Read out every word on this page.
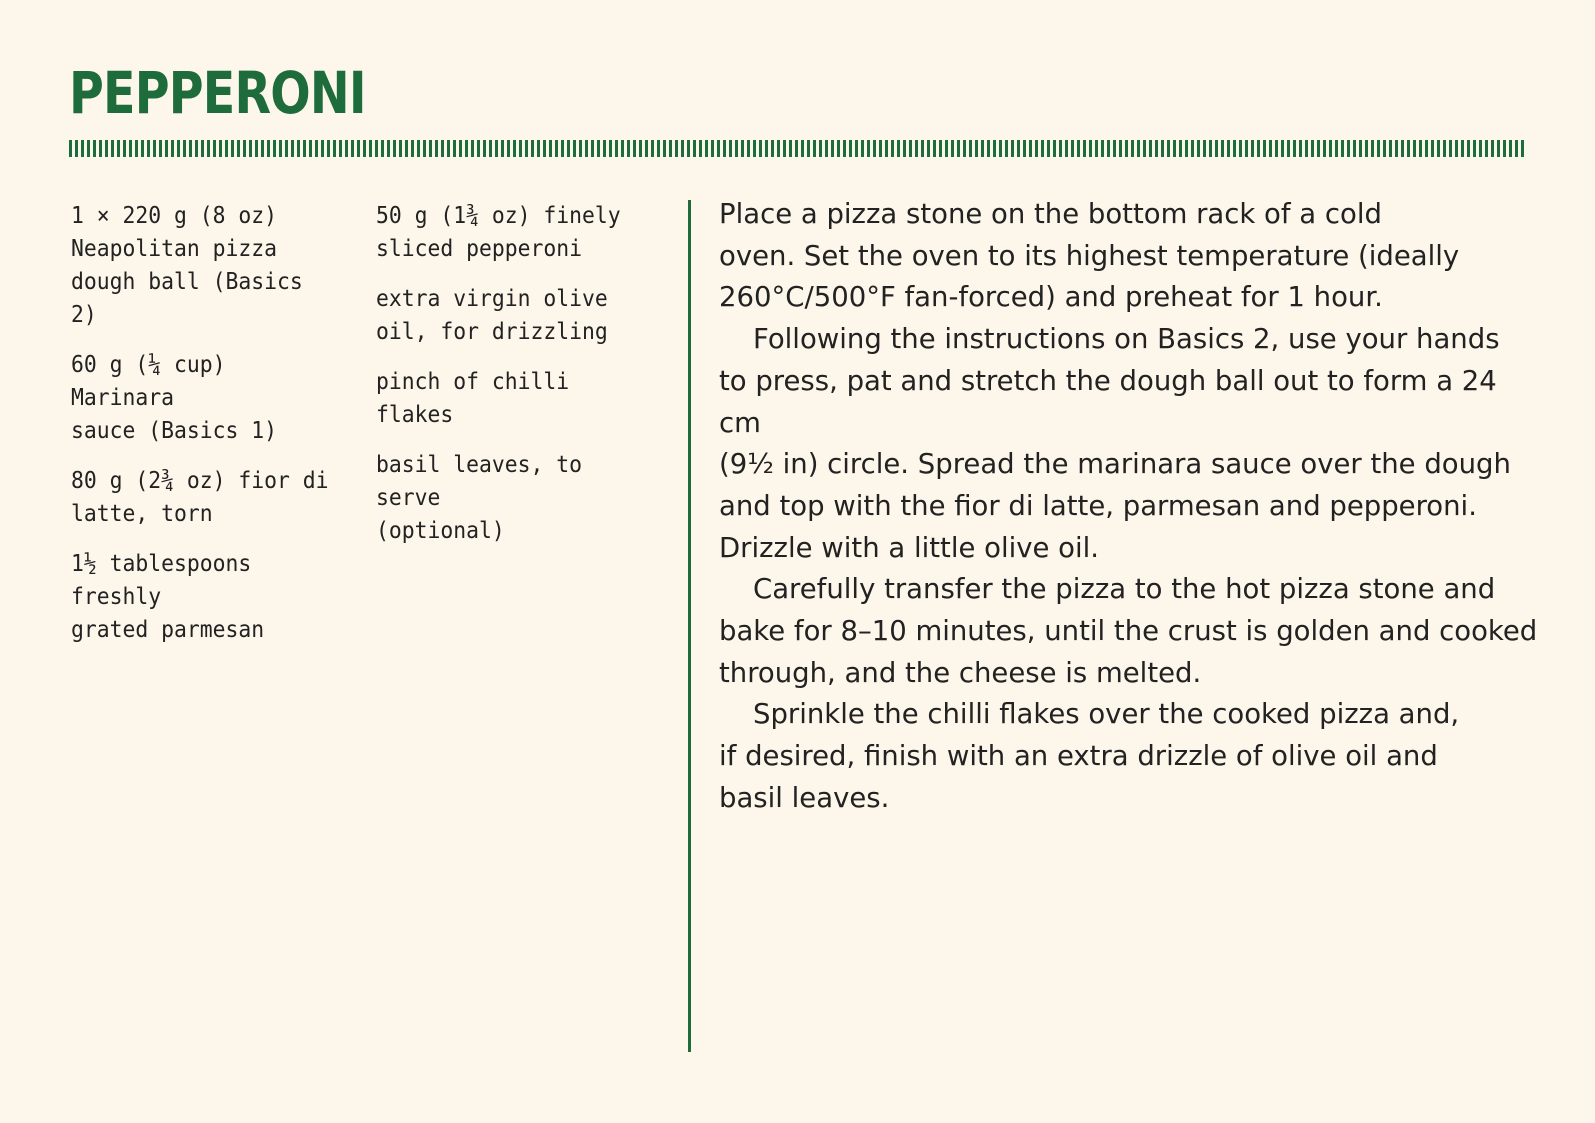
PEPPERONI

1 × 220 g (8 oz)
Neapolitan pizza
dough ball (Basics 2)

60 g (¼ cup) Marinara
sauce (Basics 1)

80 g (2¾ oz) fior di
latte, torn

1½ tablespoons freshly
grated parmesan

50 g (1¾ oz) finely
sliced pepperoni

extra virgin olive
oil, for drizzling

pinch of chilli flakes

basil leaves, to serve
(optional)

Place a pizza stone on the bottom rack of a cold
oven. Set the oven to its highest temperature (ideally
260°C/500°F fan-forced) and preheat for 1 hour.

Following the instructions on Basics 2, use your hands
to press, pat and stretch the dough ball out to form a 24 cm
(9½ in) circle. Spread the marinara sauce over the dough
and top with the fior di latte, parmesan and pepperoni.
Drizzle with a little olive oil.

Carefully transfer the pizza to the hot pizza stone and
bake for 8–10 minutes, until the crust is golden and cooked
through, and the cheese is melted.

Sprinkle the chilli flakes over the cooked pizza and,
if desired, finish with an extra drizzle of olive oil and
basil leaves.
